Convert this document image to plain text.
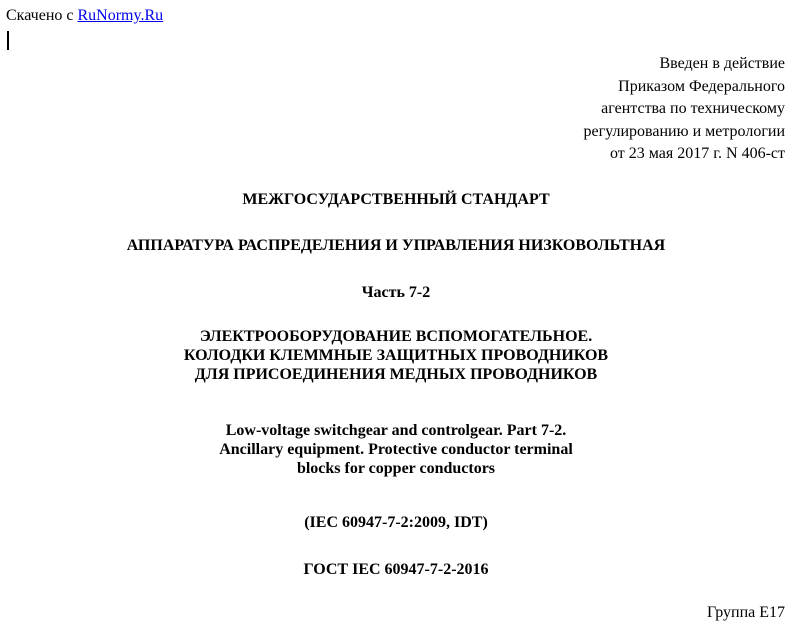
Скачено с RuNormy.Ru
Введен в действие
Приказом Федерального
агентства по техническому
регулированию и метрологии
от 23 мая 2017 г. N 406-ст
МЕЖГОСУДАРСТВЕННЫЙ СТАНДАРТ
АППАРАТУРА РАСПРЕДЕЛЕНИЯ И УПРАВЛЕНИЯ НИЗКОВОЛЬТНАЯ
Часть 7-2
ЭЛЕКТРООБОРУДОВАНИЕ ВСПОМОГАТЕЛЬНОЕ.
КОЛОДКИ КЛЕММНЫЕ ЗАЩИТНЫХ ПРОВОДНИКОВ
ДЛЯ ПРИСОЕДИНЕНИЯ МЕДНЫХ ПРОВОДНИКОВ
Low-voltage switchgear and controlgear. Part 7-2.
Ancillary equipment. Protective conductor terminal
blocks for copper conductors
(IEC 60947-7-2:2009, IDT)
ГОСТ IEC 60947-7-2-2016
Группа Е17
